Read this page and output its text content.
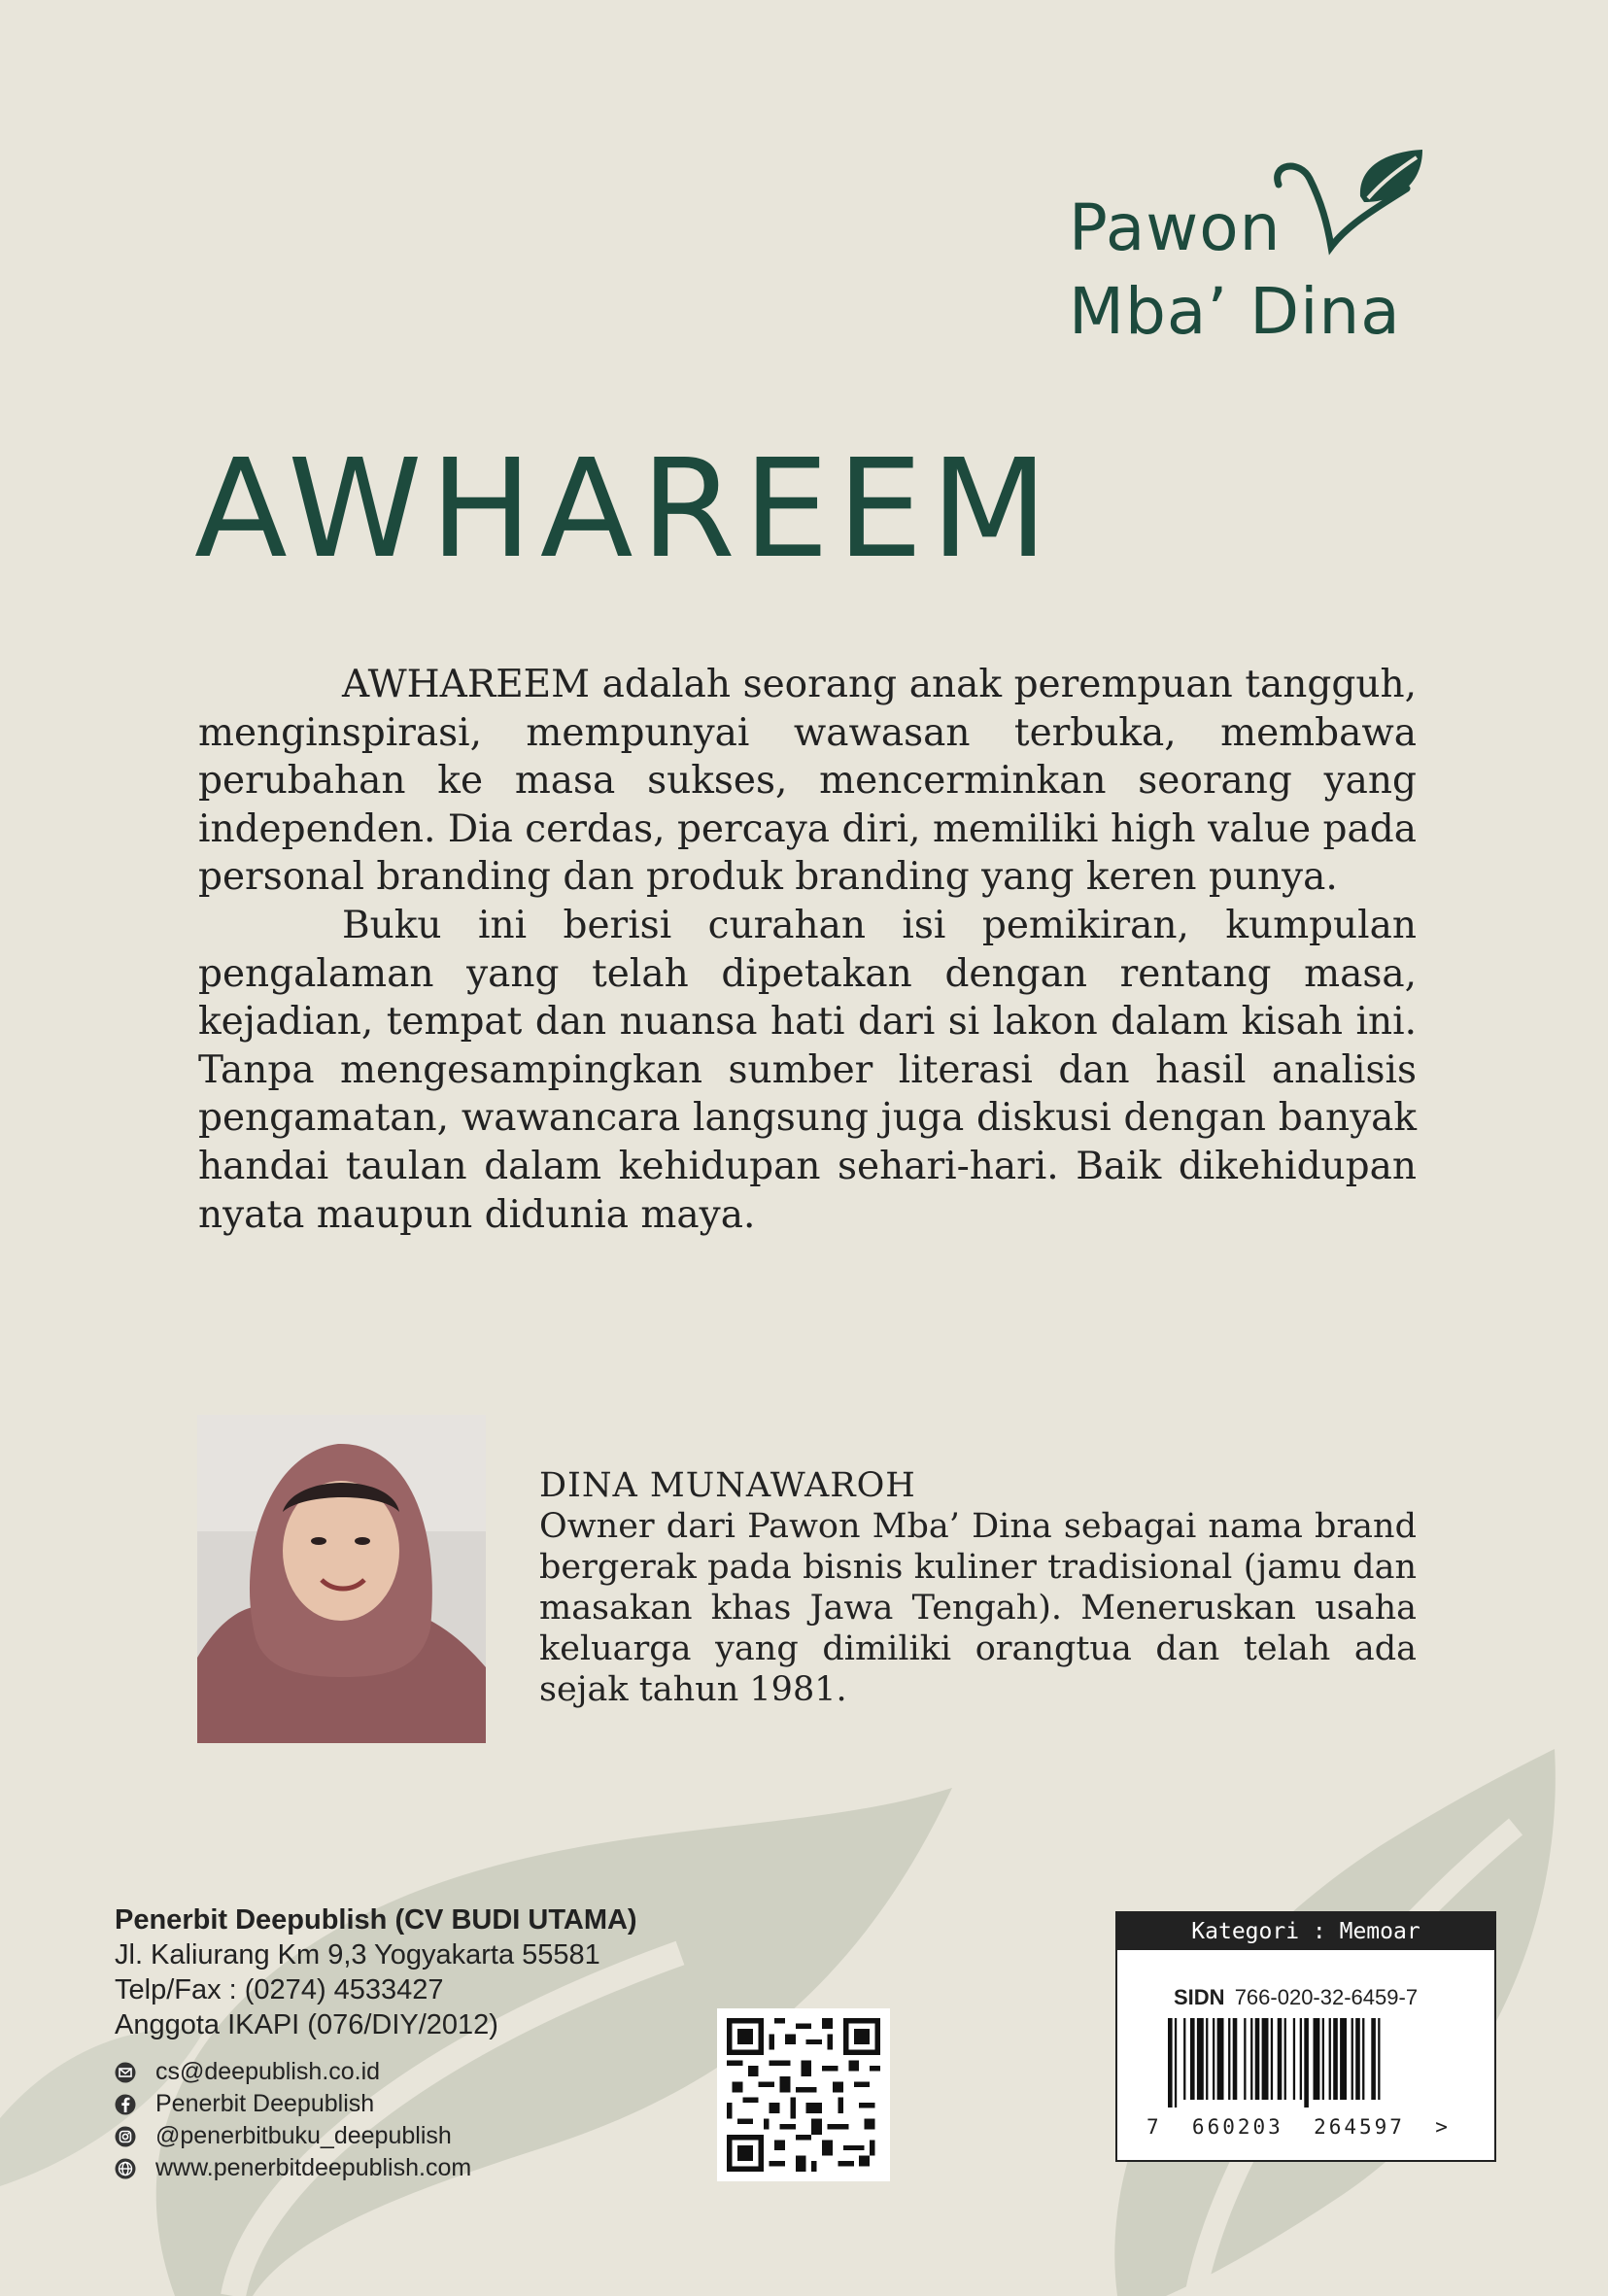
Pawon
Mba’ Dina
AWHAREEM

AWHAREEM adalah seorang anak perempuan tangguh, menginspirasi, mempunyai wawasan terbuka, membawa perubahan ke masa sukses, mencerminkan seorang yang independen. Dia cerdas, percaya diri, memiliki high value pada personal branding dan produk branding yang keren punya.

Buku ini berisi curahan isi pemikiran, kumpulan pengalaman yang telah dipetakan dengan rentang masa, kejadian, tempat dan nuansa hati dari si lakon dalam kisah ini. Tanpa mengesampingkan sumber literasi dan hasil analisis pengamatan, wawancara langsung juga diskusi dengan banyak handai taulan dalam kehidupan sehari-hari. Baik dikehidupan nyata maupun didunia maya.

DINA MUNAWAROH

Owner dari Pawon Mba’ Dina sebagai nama brand bergerak pada bisnis kuliner tradisional (jamu dan masakan khas Jawa Tengah). Meneruskan usaha keluarga yang dimiliki orangtua dan telah ada sejak tahun 1981.

Penerbit Deepublish (CV BUDI UTAMA)
Jl. Kaliurang Km 9,3 Yogyakarta 55581
Telp/Fax : (0274) 4533427
Anggota IKAPI (076/DIY/2012)
cs@deepublish.co.id
Penerbit Deepublish
@penerbitbuku_deepublish
www.penerbitdeepublish.com
Kategori : Memoar
SIDN 766-020-32-6459-7
7  660203  264597  >
